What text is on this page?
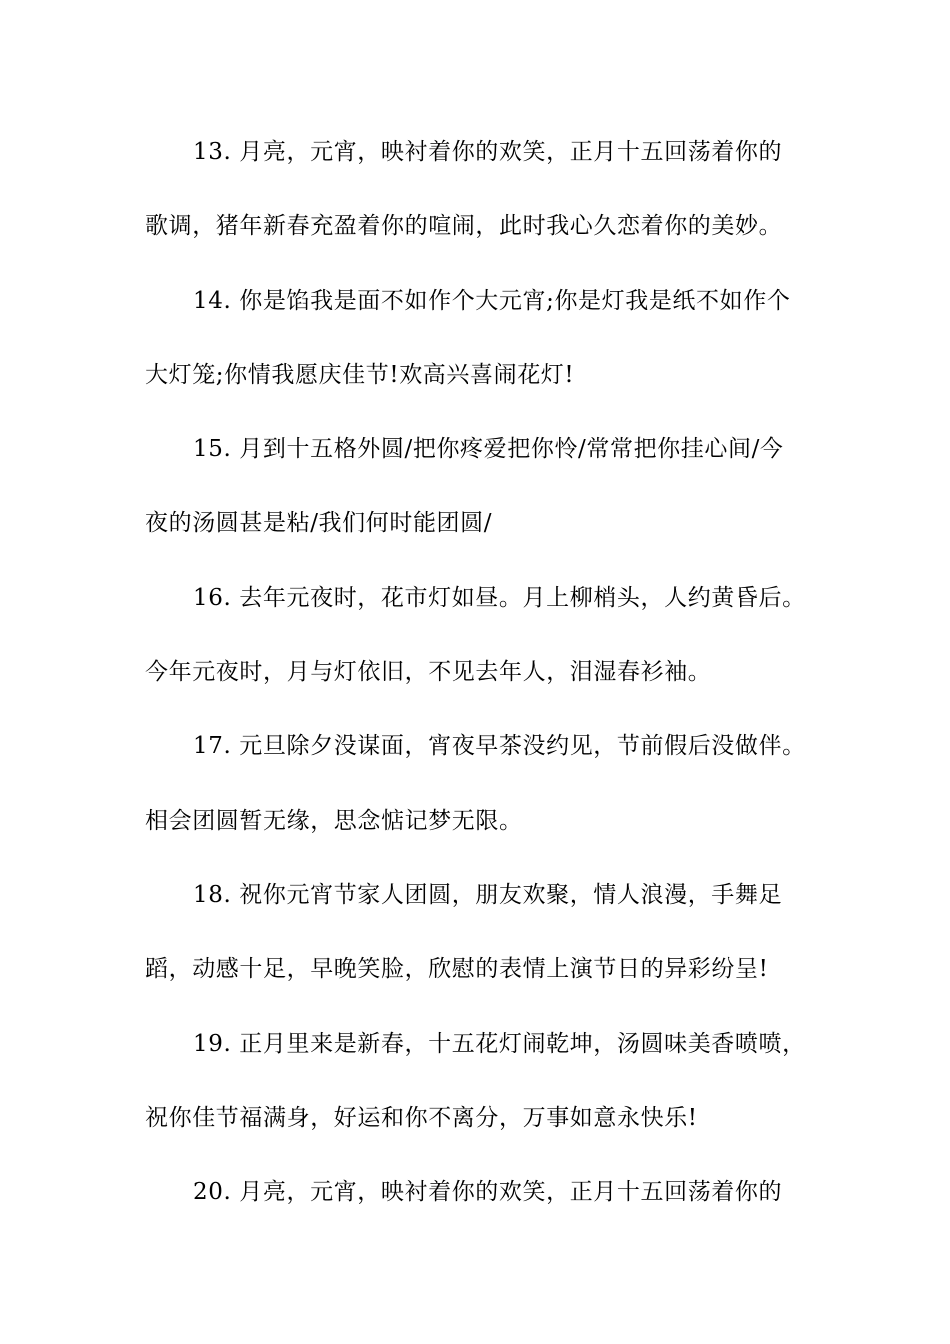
13. 月亮，元宵，映衬着你的欢笑，正月十五回荡着你的
歌调，猪年新春充盈着你的喧闹，此时我心久恋着你的美妙。
14. 你是馅我是面不如作个大元宵;你是灯我是纸不如作个
大灯笼;你情我愿庆佳节!欢高兴喜闹花灯!
15. 月到十五格外圆/把你疼爱把你怜/常常把你挂心间/今
夜的汤圆甚是粘/我们何时能团圆/
16. 去年元夜时，花市灯如昼。月上柳梢头，人约黄昏后。
今年元夜时，月与灯依旧，不见去年人，泪湿春衫袖。
17. 元旦除夕没谋面，宵夜早茶没约见，节前假后没做伴。
相会团圆暂无缘，思念惦记梦无限。
18. 祝你元宵节家人团圆，朋友欢聚，情人浪漫，手舞足
蹈，动感十足，早晚笑脸，欣慰的表情上演节日的异彩纷呈!
19. 正月里来是新春，十五花灯闹乾坤，汤圆味美香喷喷，
祝你佳节福满身，好运和你不离分，万事如意永快乐!
20. 月亮，元宵，映衬着你的欢笑，正月十五回荡着你的
